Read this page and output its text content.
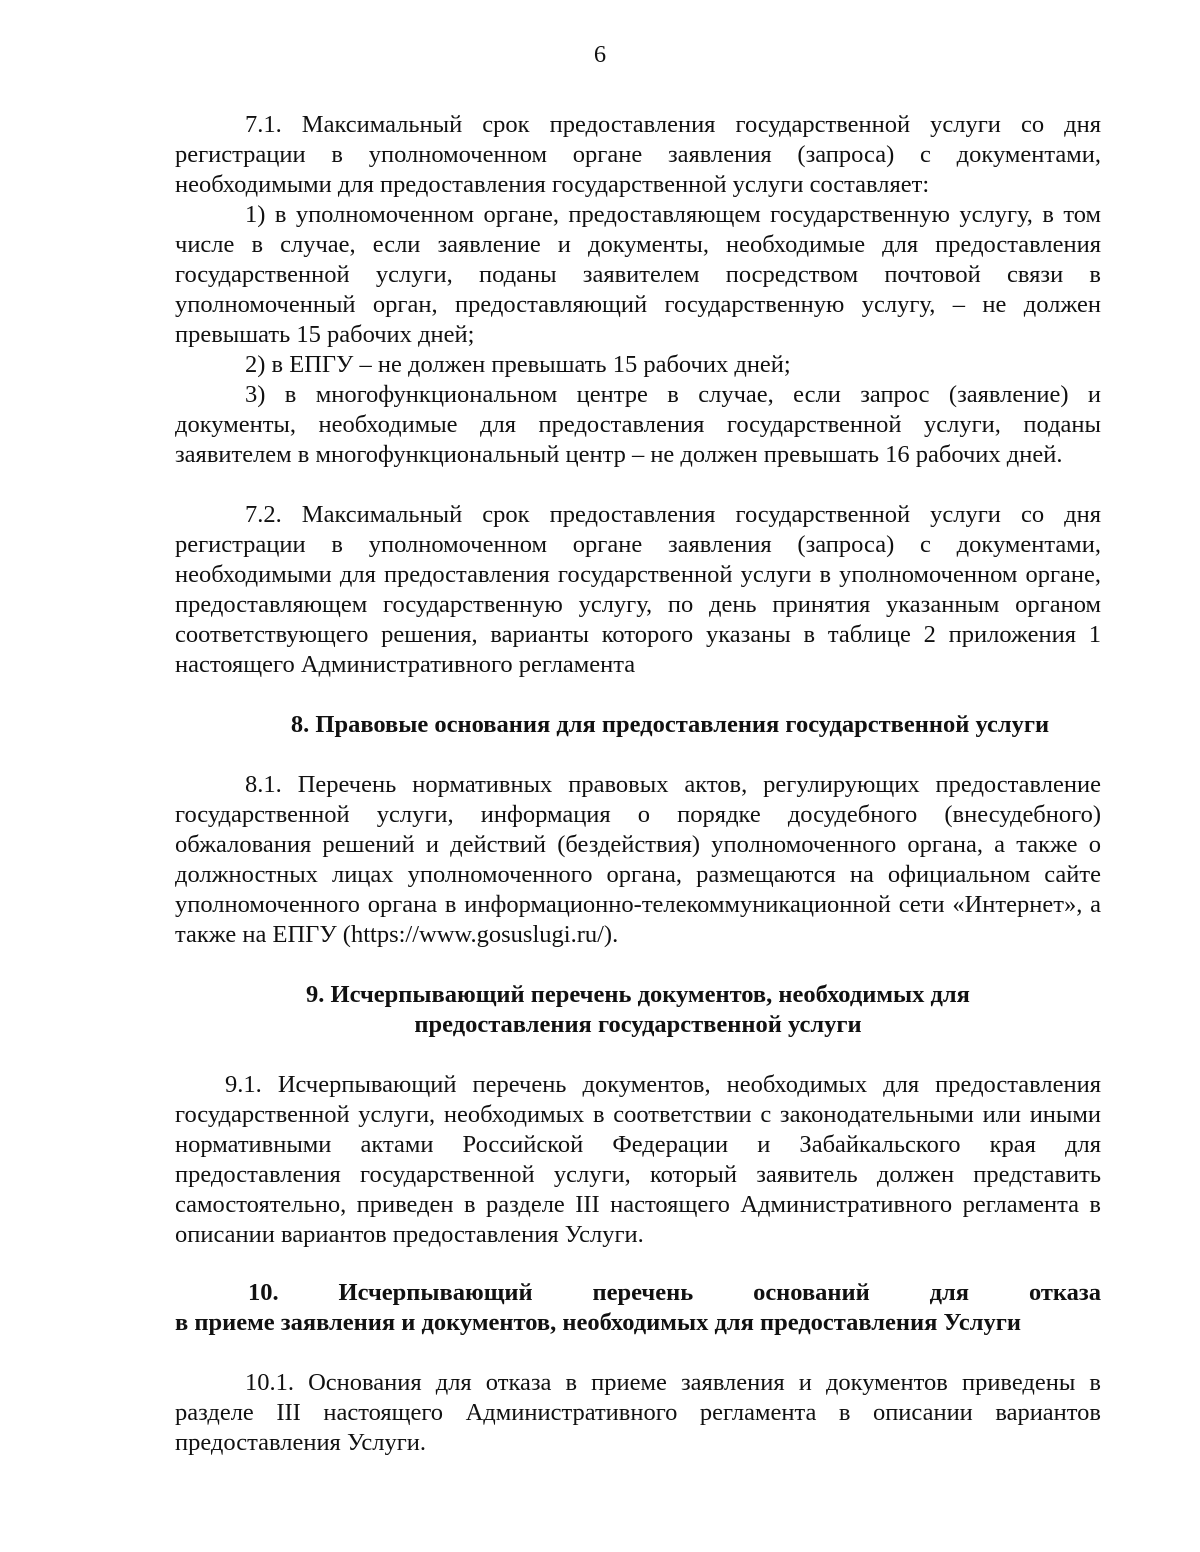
6
7.1. Максимальный срок предоставления государственной услуги со дня регистрации в уполномоченном органе заявления (запроса) с документами, необходимыми для предоставления государственной услуги составляет:
1) в уполномоченном органе, предоставляющем государственную услугу, в том числе в случае, если заявление и документы, необходимые для предоставления государственной услуги, поданы заявителем посредством почтовой связи в уполномоченный орган, предоставляющий государственную услугу, – не должен превышать 15 рабочих дней;
2) в ЕПГУ – не должен превышать 15 рабочих дней;
3) в многофункциональном центре в случае, если запрос (заявление) и документы, необходимые для предоставления государственной услуги, поданы заявителем в многофункциональный центр – не должен превышать 16 рабочих дней.
7.2. Максимальный срок предоставления государственной услуги со дня регистрации в уполномоченном органе заявления (запроса) с документами, необходимыми для предоставления государственной услуги в уполномоченном органе, предоставляющем государственную услугу, по день принятия указанным органом соответствующего решения, варианты которого указаны в таблице 2 приложения 1 настоящего Административного регламента
8. Правовые основания для предоставления государственной услуги
8.1. Перечень нормативных правовых актов, регулирующих предоставление государственной услуги, информация о порядке досудебного (внесудебного) обжалования решений и действий (бездействия) уполномоченного органа, а также о должностных лицах уполномоченного органа, размещаются на официальном сайте уполномоченного органа в информационно-телекоммуникационной сети «Интернет», а также на ЕПГУ (https://www.gosuslugi.ru/).
9. Исчерпывающий перечень документов, необходимых для
предоставления государственной услуги
9.1. Исчерпывающий перечень документов, необходимых для предоставления государственной услуги, необходимых в соответствии с законодательными или иными нормативными актами Российской Федерации и Забайкальского края для предоставления государственной услуги, который заявитель должен представить самостоятельно, приведен в разделе III настоящего Административного регламента в описании вариантов предоставления Услуги.
10. Исчерпывающий перечень оснований для отказа
в приеме заявления и документов, необходимых для предоставления Услуги
10.1. Основания для отказа в приеме заявления и документов приведены в разделе III настоящего Административного регламента в описании вариантов предоставления Услуги.
